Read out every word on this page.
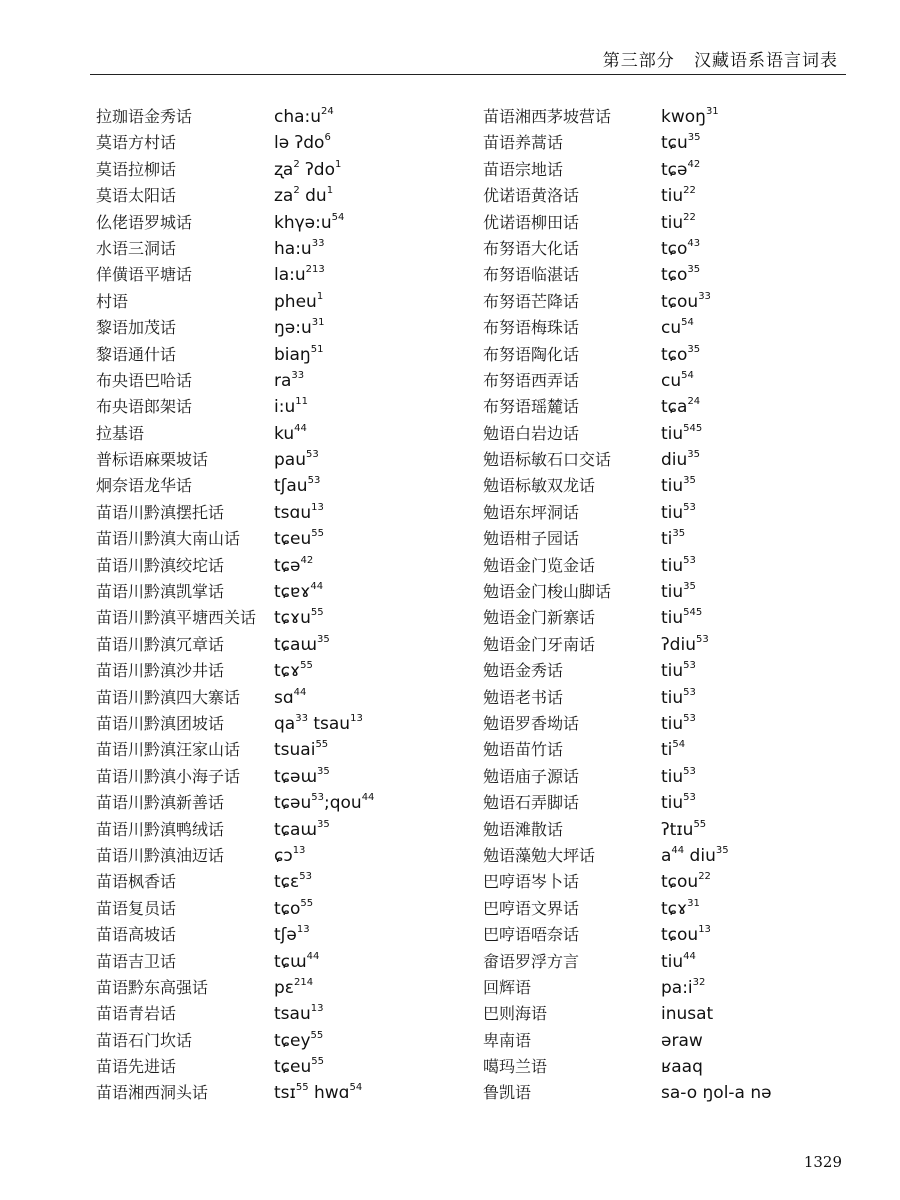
第三部分   汉藏语系语言词表
拉珈语金秀话	$cha:u^{24}$
莫语方村话	lə ʔdo$^6$
莫语拉柳话	ʐa$^2$ ʔdo$^1$
莫语太阳话	$za^2$ $du^1$
仫佬语罗城话	$kh\gamma ə:u^{54}$
水语三洞话	$ha:u^{33}$
佯僙语平塘话	$la:u^{213}$
村语	pheu$^1$
黎语加茂话	$ŋə:u^{31}$
黎语通什话	biaŋ$^{51}$
布央语巴哈话	$ra^{33}$
布央语郎架话	$i:u^{11}$
拉基语	$ku^{44}$
普标语麻栗坡话	pau$^{53}$
炯奈语龙华话	tʃau$^{53}$
苗语川黔滇摆托话	tsɑu$^{13}$
苗语川黔滇大南山话 tɕeu$^{55}$
苗语川黔滇绞坨话	tɕə$^{42}$
苗语川黔滇凯掌话	tɕɐɤ$^{44}$
苗语川黔滇平塘西关话 tɕɤu$^{55}$
苗语川黔滇冗章话	tɕaɯ$^{35}$
苗语川黔滇沙井话	tɕɤ$^{55}$
苗语川黔滇四大寨话 sɑ$^{44}$
苗语川黔滇团坡话	$qa^{33}$ tsau$^{13}$
苗语川黔滇汪家山话 tsuai$^{55}$
苗语川黔滇小海子话 tɕəɯ$^{35}$
苗语川黔滇新善话	tɕəu$^{53}$;qou$^{44}$
苗语川黔滇鸭绒话	tɕaɯ$^{35}$
苗语川黔滇油迈话	ɕɔ$^{13}$
苗语枫香话	tɕɛ$^{53}$
苗语复员话	tɕo$^{55}$
苗语高坡话	tʃə$^{13}$
苗语吉卫话	tɕɯ$^{44}$
苗语黔东高强话	pɛ$^{214}$
苗语青岩话	tsau$^{13}$
苗语石门坎话	tɕey$^{55}$
苗语先进话	tɕeu$^{55}$
苗语湘西洞头话	tsɪ$^{55}$ hwɑ$^{54}$
苗语湘西茅坡营话	kwoŋ$^{31}$
苗语养蒿话	tɕu$^{35}$
苗语宗地话	tɕə$^{42}$
优诺语黄洛话	tiu$^{22}$
优诺语柳田话	tiu$^{22}$
布努语大化话	tɕo$^{43}$
布努语临湛话	tɕo$^{35}$
布努语芒降话	tɕou$^{33}$
布努语梅珠话	$cu^{54}$
布努语陶化话	tɕo$^{35}$
布努语西弄话	$cu^{54}$
布努语瑶麓话	tɕa$^{24}$
勉语白岩边话	tiu$^{545}$
勉语标敏石口交话	diu$^{35}$
勉语标敏双龙话	tiu$^{35}$
勉语东坪洞话	tiu$^{53}$
勉语柑子园话	$ti^{35}$
勉语金门览金话	tiu$^{53}$
勉语金门梭山脚话	tiu$^{35}$
勉语金门新寨话	tiu$^{545}$
勉语金门牙南话	ʔdiu$^{53}$
勉语金秀话	tiu$^{53}$
勉语老书话	tiu$^{53}$
勉语罗香坳话	tiu$^{53}$
勉语苗竹话	$ti^{54}$
勉语庙子源话	tiu$^{53}$
勉语石弄脚话	tiu$^{53}$
勉语滩散话	ʔtɪu$^{55}$
勉语藻勉大坪话	$a^{44}$ diu$^{35}$
巴哼语岑卜话	tɕou$^{22}$
巴哼语文界话	tɕɤ$^{31}$
巴哼语唔奈话	tɕou$^{13}$
畲语罗浮方言	tiu$^{44}$
回辉语	$pa:i^{32}$
巴则海语	inusat
卑南语	əraw
噶玛兰语	ʁaaq
鲁凯语	sa-o ŋol-a nə
1329
